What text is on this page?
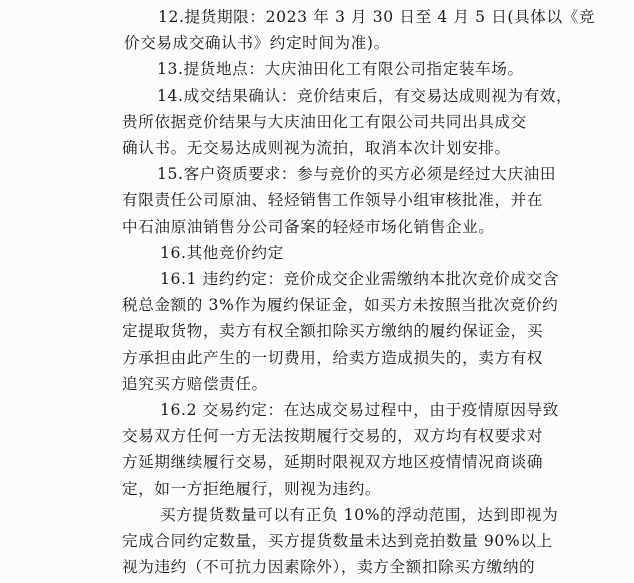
12.提货期限：2023 年 3 月 30 日至 4 月 5 日(具体以《竞
价交易成交确认书》约定时间为准)。
13.提货地点：大庆油田化工有限公司指定装车场。
14.成交结果确认：竞价结束后，有交易达成则视为有效，
贵所依据竞价结果与大庆油田化工有限公司共同出具成交
确认书。无交易达成则视为流拍，取消本次计划安排。
15.客户资质要求：参与竞价的买方必须是经过大庆油田
有限责任公司原油、轻烃销售工作领导小组审核批准，并在
中石油原油销售分公司备案的轻烃市场化销售企业。
16.其他竞价约定
16.1 违约约定：竞价成交企业需缴纳本批次竞价成交含
税总金额的 3%作为履约保证金，如买方未按照当批次竞价约
定提取货物，卖方有权全额扣除买方缴纳的履约保证金，买
方承担由此产生的一切费用，给卖方造成损失的，卖方有权
追究买方赔偿责任。
16.2 交易约定：在达成交易过程中，由于疫情原因导致
交易双方任何一方无法按期履行交易的，双方均有权要求对
方延期继续履行交易，延期时限视双方地区疫情情况商谈确
定，如一方拒绝履行，则视为违约。
买方提货数量可以有正负 10%的浮动范围，达到即视为
完成合同约定数量，买方提货数量未达到竞拍数量 90%以上
视为违约（不可抗力因素除外），卖方全额扣除买方缴纳的
